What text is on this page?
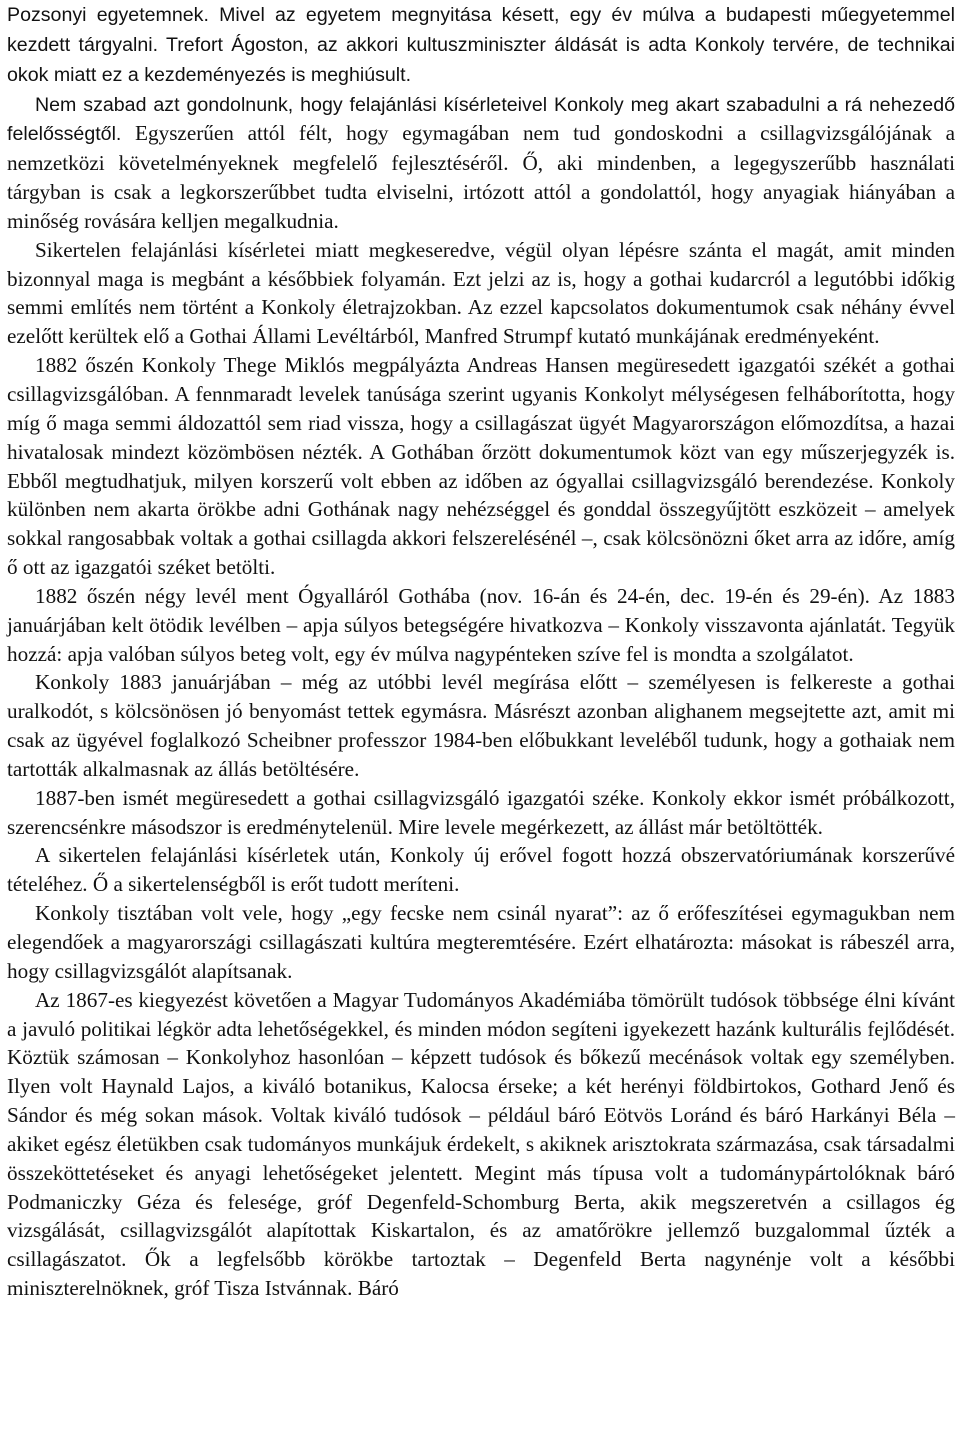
Pozsonyi egyetemnek. Mivel az egyetem megnyitása késett, egy év múlva a budapesti műegyetemmel kezdett tárgyalni. Trefort Ágoston, az akkori kultuszminiszter áldását is adta Konkoly tervére, de technikai okok miatt ez a kezdeményezés is meghiúsult.

Nem szabad azt gondolnunk, hogy felajánlási kísérleteivel Konkoly meg akart szabadulni a rá nehezedő felelősségtől. Egyszerűen attól félt, hogy egymagában nem tud gondoskodni a csillagvizsgálójának a nemzetközi követelményeknek megfelelő fejlesztéséről. Ő, aki mindenben, a legegyszerűbb használati tárgyban is csak a legkorszerűbbet tudta elviselni, irtózott attól a gondolattól, hogy anyagiak hiányában a minőség rovására kelljen megalkudnia.

Sikertelen felajánlási kísérletei miatt megkeseredve, végül olyan lépésre szánta el magát, amit minden bizonnyal maga is megbánt a későbbiek folyamán. Ezt jelzi az is, hogy a gothai kudarcról a legutóbbi időkig semmi említés nem történt a Konkoly életrajzokban. Az ezzel kapcsolatos dokumentumok csak néhány évvel ezelőtt kerültek elő a Gothai Állami Levéltárból, Manfred Strumpf kutató munkájának eredményeként.

1882 őszén Konkoly Thege Miklós megpályázta Andreas Hansen megüresedett igazgatói székét a gothai csillagvizsgálóban. A fennmaradt levelek tanúsága szerint ugyanis Konkolyt mélységesen felháborította, hogy míg ő maga semmi áldozattól sem riad vissza, hogy a csillagászat ügyét Magyarországon előmozdítsa, a hazai hivatalosak mindezt közömbösen nézték. A Gothában őrzött dokumentumok közt van egy műszerjegyzék is. Ebből megtudhatjuk, milyen korszerű volt ebben az időben az ógyallai csillagvizsgáló berendezése. Konkoly különben nem akarta örökbe adni Gothának nagy nehézséggel és gonddal összegyűjtött eszközeit – amelyek sokkal rangosabbak voltak a gothai csillagda akkori felszerelésénél –, csak kölcsönözni őket arra az időre, amíg ő ott az igazgatói széket betölti.

1882 őszén négy levél ment Ógyalláról Gothába (nov. 16-án és 24-én, dec. 19-én és 29-én). Az 1883 januárjában kelt ötödik levélben – apja súlyos betegségére hivatkozva – Konkoly visszavonta ajánlatát. Tegyük hozzá: apja valóban súlyos beteg volt, egy év múlva nagypénteken szíve fel is mondta a szolgálatot.

Konkoly 1883 januárjában – még az utóbbi levél megírása előtt – személyesen is felkereste a gothai uralkodót, s kölcsönösen jó benyomást tettek egymásra. Másrészt azonban alighanem megsejtette azt, amit mi csak az ügyével foglalkozó Scheibner professzor 1984-ben előbukkant leveléből tudunk, hogy a gothaiak nem tartották alkalmasnak az állás betöltésére.

1887-ben ismét megüresedett a gothai csillagvizsgáló igazgatói széke. Konkoly ekkor ismét próbálkozott, szerencsénkre másodszor is eredménytelenül. Mire levele megérkezett, az állást már betöltötték.

A sikertelen felajánlási kísérletek után, Konkoly új erővel fogott hozzá obszervatóriumának korszerűvé tételéhez. Ő a sikertelenségből is erőt tudott meríteni.

Konkoly tisztában volt vele, hogy „egy fecske nem csinál nyarat”: az ő erőfeszítései egymagukban nem elegendőek a magyarországi csillagászati kultúra megteremtésére. Ezért elhatározta: másokat is rábeszél arra, hogy csillagvizsgálót alapítsanak.

Az 1867-es kiegyezést követően a Magyar Tudományos Akadémiába tömörült tudósok többsége élni kívánt a javuló politikai légkör adta lehetőségekkel, és minden módon segíteni igyekezett hazánk kulturális fejlődését. Köztük számosan – Konkolyhoz hasonlóan – képzett tudósok és bőkezű mecénások voltak egy személyben. Ilyen volt Haynald Lajos, a kiváló botanikus, Kalocsa érseke; a két herényi földbirtokos, Gothard Jenő és Sándor és még sokan mások. Voltak kiváló tudósok – például báró Eötvös Loránd és báró Harkányi Béla – akiket egész életükben csak tudományos munkájuk érdekelt, s akiknek arisztokrata származása, csak társadalmi összeköttetéseket és anyagi lehetőségeket jelentett. Megint más típusa volt a tudománypártolóknak báró Podmaniczky Géza és felesége, gróf Degenfeld-Schomburg Berta, akik megszeretvén a csillagos ég vizsgálását, csillagvizsgálót alapítottak Kiskartalon, és az amatőrökre jellemző buzgalommal űzték a csillagászatot. Ők a legfelsőbb körökbe tartoztak – Degenfeld Berta nagynénje volt a későbbi miniszterelnöknek, gróf Tisza Istvánnak. Báró
